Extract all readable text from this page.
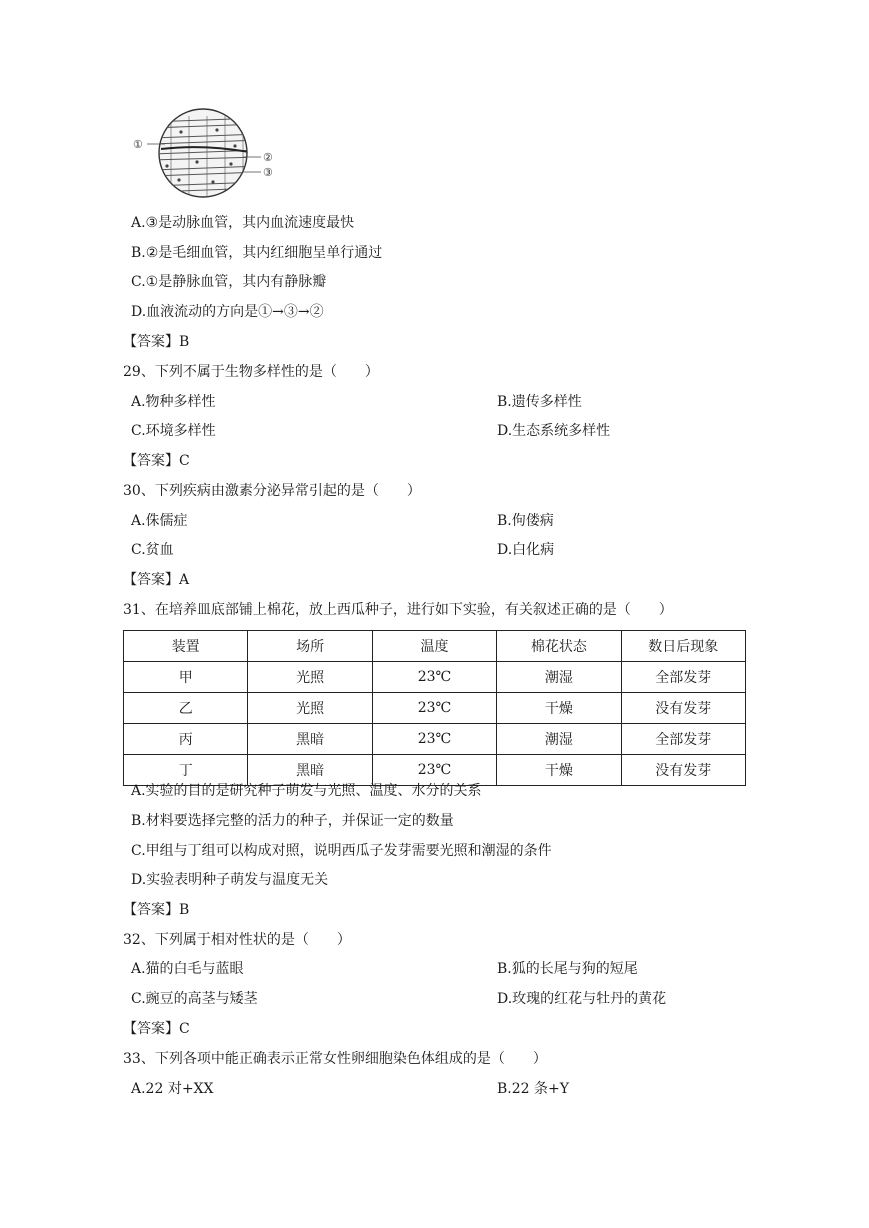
①
②
③
A.③是动脉血管，其内血流速度最快
B.②是毛细血管，其内红细胞呈单行通过
C.①是静脉血管，其内有静脉瓣
D.血液流动的方向是①→③→②
【答案】B
29、下列不属于生物多样性的是（　　）
A.物种多样性	B.遗传多样性
C.环境多样性	D.生态系统多样性
【答案】C
30、下列疾病由激素分泌异常引起的是（　　）
A.侏儒症	B.佝偻病
C.贫血	D.白化病
【答案】A
31、在培养皿底部铺上棉花，放上西瓜种子，进行如下实验，有关叙述正确的是（　　）
装置	场所	温度	棉花状态	数日后现象
甲	光照	23℃	潮湿	全部发芽
乙	光照	23℃	干燥	没有发芽
丙	黑暗	23℃	潮湿	全部发芽
丁	黑暗	23℃	干燥	没有发芽
A.实验的目的是研究种子萌发与光照、温度、水分的关系
B.材料要选择完整的活力的种子，并保证一定的数量
C.甲组与丁组可以构成对照，说明西瓜子发芽需要光照和潮湿的条件
D.实验表明种子萌发与温度无关
【答案】B
32、下列属于相对性状的是（　　）
A.猫的白毛与蓝眼	B.狐的长尾与狗的短尾
C.豌豆的高茎与矮茎	D.玫瑰的红花与牡丹的黄花
【答案】C
33、下列各项中能正确表示正常女性卵细胞染色体组成的是（　　）
A.22 对+XX	B.22 条+Y
